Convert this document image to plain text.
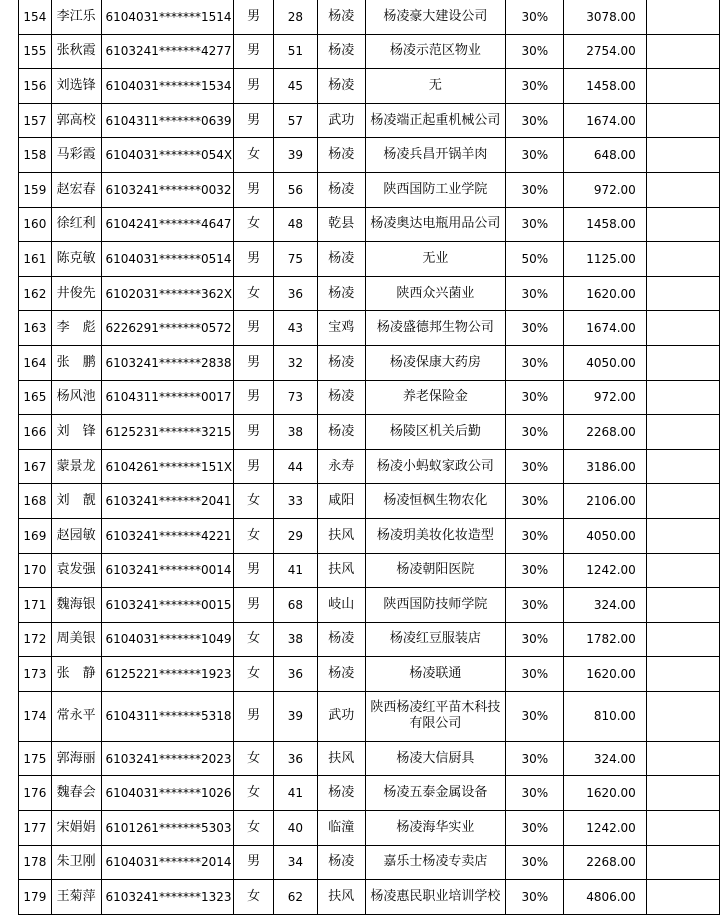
154	李江乐	6104031*******1514	男	28	杨凌	杨凌豪大建设公司	30%	3078.00	
155	张秋霞	6103241*******4277	男	51	杨凌	杨凌示范区物业	30%	2754.00	
156	刘选锋	6104031*******1534	男	45	杨凌	无	30%	1458.00	
157	郭高校	6104311*******0639	男	57	武功	杨凌端正起重机械公司	30%	1674.00	
158	马彩霞	6104031*******054X	女	39	杨凌	杨凌兵昌开锅羊肉	30%	648.00	
159	赵宏春	6103241*******0032	男	56	杨凌	陕西国防工业学院	30%	972.00	
160	徐红利	6104241*******4647	女	48	乾县	杨凌奥达电瓶用品公司	30%	1458.00	
161	陈克敏	6104031*******0514	男	75	杨凌	无业	50%	1125.00	
162	井俊先	6102031*******362X	女	36	杨凌	陕西众兴菌业	30%	1620.00	
163	李　彪	6226291*******0572	男	43	宝鸡	杨凌盛德邦生物公司	30%	1674.00	
164	张　鹏	6103241*******2838	男	32	杨凌	杨凌保康大药房	30%	4050.00	
165	杨风池	6104311*******0017	男	73	杨凌	养老保险金	30%	972.00	
166	刘　锋	6125231*******3215	男	38	杨凌	杨陵区机关后勤	30%	2268.00	
167	蒙景龙	6104261*******151X	男	44	永寿	杨凌小蚂蚁家政公司	30%	3186.00	
168	刘　靓	6103241*******2041	女	33	咸阳	杨凌恒枫生物农化	30%	2106.00	
169	赵园敏	6103241*******4221	女	29	扶风	杨凌玥美妆化妆造型	30%	4050.00	
170	袁发强	6103241*******0014	男	41	扶风	杨凌朝阳医院	30%	1242.00	
171	魏海银	6103241*******0015	男	68	岐山	陕西国防技师学院	30%	324.00	
172	周美银	6104031*******1049	女	38	杨凌	杨凌红豆服装店	30%	1782.00	
173	张　静	6125221*******1923	女	36	杨凌	杨凌联通	30%	1620.00	
174	常永平	6104311*******5318	男	39	武功	陕西杨凌红平苗木科技有限公司	30%	810.00	
175	郭海丽	6103241*******2023	女	36	扶风	杨凌大信厨具	30%	324.00	
176	魏春会	6104031*******1026	女	41	杨凌	杨凌五泰金属设备	30%	1620.00	
177	宋娟娟	6101261*******5303	女	40	临潼	杨凌海华实业	30%	1242.00	
178	朱卫刚	6104031*******2014	男	34	杨凌	嘉乐士杨凌专卖店	30%	2268.00	
179	王菊萍	6103241*******1323	女	62	扶风	杨凌惠民职业培训学校	30%	4806.00	
